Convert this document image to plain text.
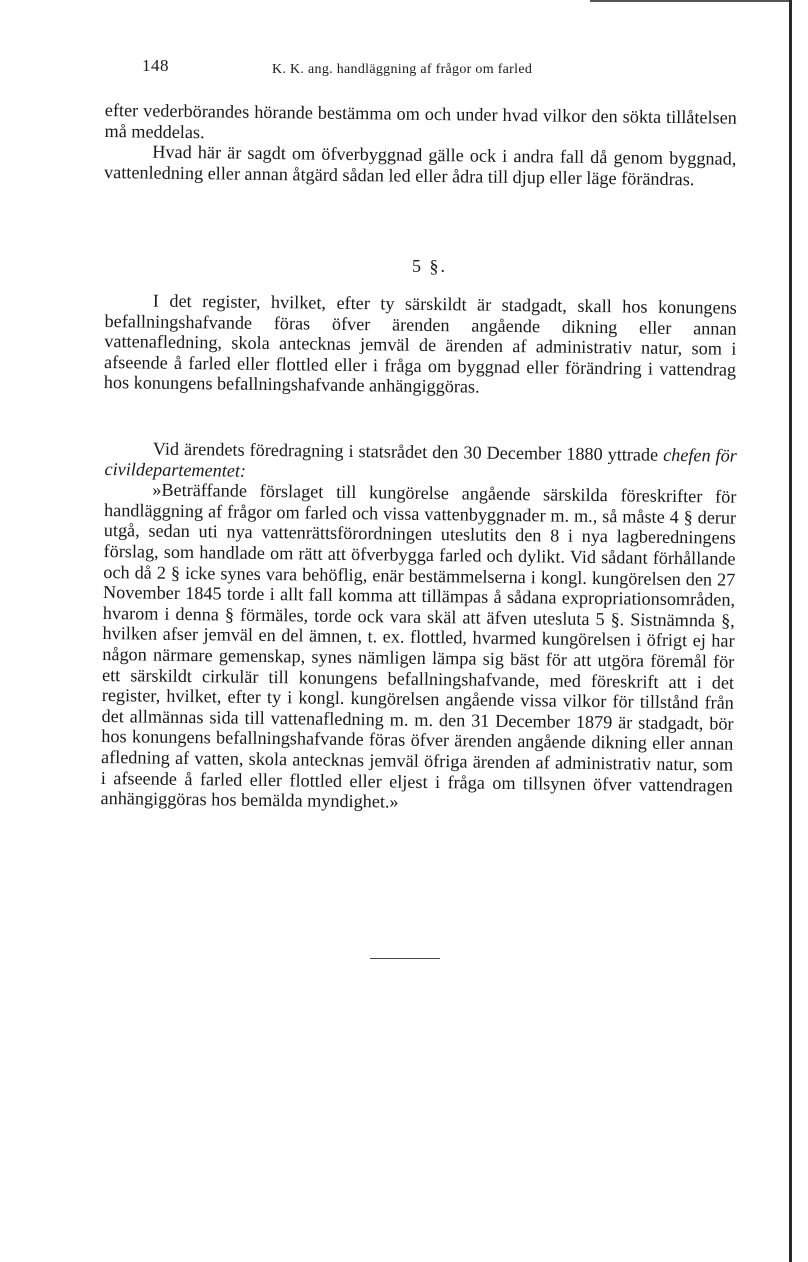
148	K. K. ang. handläggning af frågor om farled

efter vederbörandes hörande bestämma om och under hvad vilkor den sökta tillåtelsen må meddelas.

Hvad här är sagdt om öfverbyggnad gälle ock i andra fall då genom byggnad, vattenledning eller annan åtgärd sådan led eller ådra till djup eller läge förändras.

5 §.

I det register, hvilket, efter ty särskildt är stadgadt, skall hos konungens befallningshafvande föras öfver ärenden angående dikning eller annan vattenafledning, skola antecknas jemväl de ärenden af administrativ natur, som i afseende å farled eller flottled eller i fråga om byggnad eller förändring i vattendrag hos konungens befallningshafvande anhängiggöras.

Vid ärendets föredragning i statsrådet den 30 December 1880 yttrade chefen för civildepartementet:

»Beträffande förslaget till kungörelse angående särskilda föreskrifter för handläggning af frågor om farled och vissa vattenbyggnader m. m., så måste 4 § derur utgå, sedan uti nya vattenrättsförordningen uteslutits den 8 i nya lagberedningens förslag, som handlade om rätt att öfverbygga farled och dylikt. Vid sådant förhållande och då 2 § icke synes vara behöflig, enär bestämmelserna i kongl. kungörelsen den 27 November 1845 torde i allt fall komma att tillämpas å sådana expropriationsområden, hvarom i denna § förmäles, torde ock vara skäl att äfven utesluta 5 §. Sistnämnda §, hvilken afser jemväl en del ämnen, t. ex. flottled, hvarmed kungörelsen i öfrigt ej har någon närmare gemenskap, synes nämligen lämpa sig bäst för att utgöra föremål för ett särskildt cirkulär till konungens befallningshafvande, med föreskrift att i det register, hvilket, efter ty i kongl. kungörelsen angående vissa vilkor för tillstånd från det allmännas sida till vattenafledning m. m. den 31 December 1879 är stadgadt, bör hos konungens befallningshafvande föras öfver ärenden angående dikning eller annan afledning af vatten, skola antecknas jemväl öfriga ärenden af administrativ natur, som i afseende å farled eller flottled eller eljest i fråga om tillsynen öfver vattendragen anhängiggöras hos bemälda myndighet.»
